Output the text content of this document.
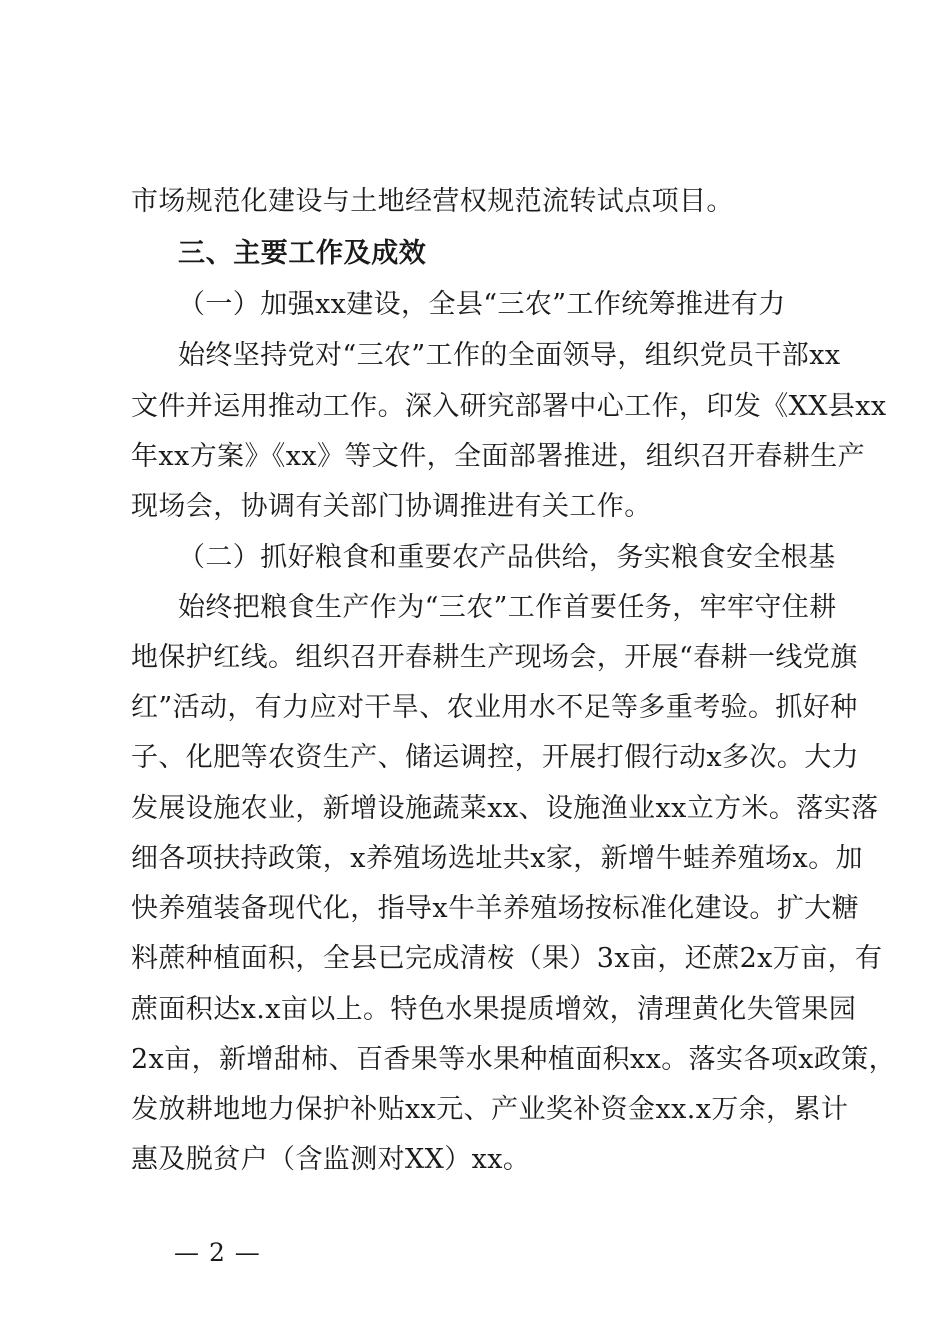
市场规范化建设与土地经营权规范流转试点项目。
三、主要工作及成效
（一）加强xx建设，全县“三农”工作统筹推进有力
始终坚持党对“三农”工作的全面领导，组织党员干部xx
文件并运用推动工作。深入研究部署中心工作，印发《XX县xx
年xx方案》《xx》等文件，全面部署推进，组织召开春耕生产
现场会，协调有关部门协调推进有关工作。
（二）抓好粮食和重要农产品供给，务实粮食安全根基
始终把粮食生产作为“三农”工作首要任务，牢牢守住耕
地保护红线。组织召开春耕生产现场会，开展“春耕一线党旗
红”活动，有力应对干旱、农业用水不足等多重考验。抓好种
子、化肥等农资生产、储运调控，开展打假行动x多次。大力
发展设施农业，新增设施蔬菜xx、设施渔业xx立方米。落实落
细各项扶持政策，x养殖场选址共x家，新增牛蛙养殖场x。加
快养殖装备现代化，指导x牛羊养殖场按标准化建设。扩大糖
料蔗种植面积，全县已完成清桉（果）3x亩，还蔗2x万亩，有
蔗面积达x.x亩以上。特色水果提质增效，清理黄化失管果园
2x亩，新增甜柿、百香果等水果种植面积xx。落实各项x政策，
发放耕地地力保护补贴xx元、产业奖补资金xx.x万余，累计
惠及脱贫户（含监测对XX）xx。
— 2 —
